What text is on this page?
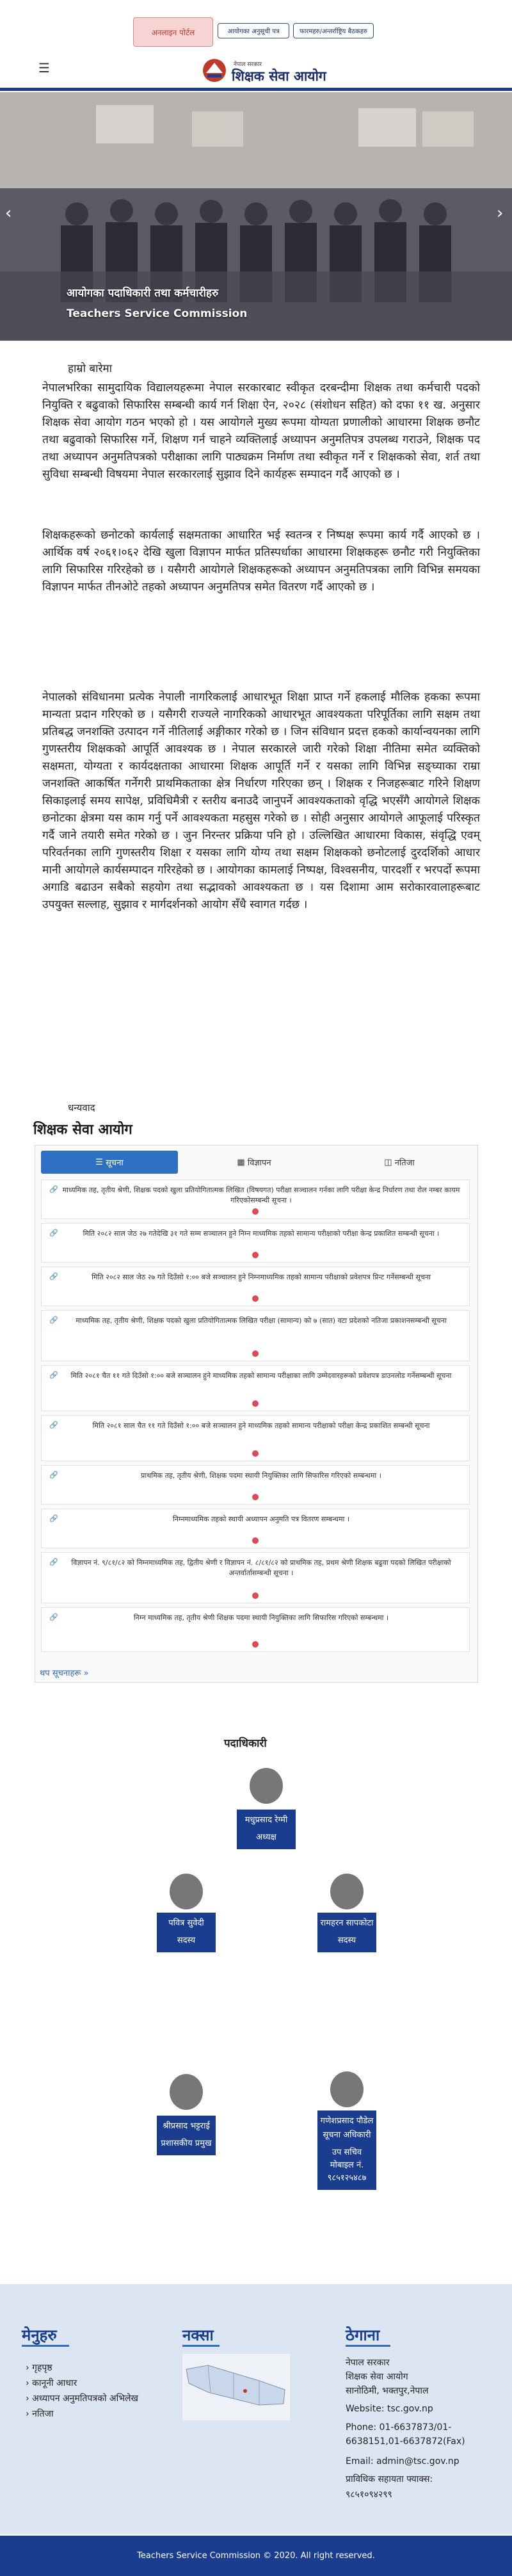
अनलाइन पोर्टल	आयोगका अनुसूची पत्र	फारमहरु/अन्तर्राष्ट्रिय बैठकहरु
☰	नेपाल सरकार
शिक्षक सेवा आयोग
‹	›
आयोगका पदाधिकारी तथा कर्मचारीहरु
Teachers Service Commission
हाम्रो बारेमा
नेपालभरिका सामुदायिक विद्यालयहरूमा नेपाल सरकारबाट स्वीकृत दरबन्दीमा शिक्षक तथा कर्मचारी पदको नियुक्ति र बढुवाको सिफारिस सम्बन्धी कार्य गर्न शिक्षा ऐन, २०२८ (संशोधन सहित) को दफा ११ ख. अनुसार शिक्षक सेवा आयोग गठन भएको हो । यस आयोगले मुख्य रूपमा योग्यता प्रणालीको आधारमा शिक्षक छनौट तथा बढुवाको सिफारिस गर्ने, शिक्षण गर्न चाहने व्यक्तिलाई अध्यापन अनुमतिपत्र उपलब्ध गराउने, शिक्षक पद तथा अध्यापन अनुमतिपत्रको परीक्षाका लागि पाठ्यक्रम निर्माण तथा स्वीकृत गर्ने र शिक्षकको सेवा, शर्त तथा सुविधा सम्बन्धी विषयमा नेपाल सरकारलाई सुझाव दिने कार्यहरू सम्पादन गर्दै आएको छ ।
शिक्षकहरूको छनोटको कार्यलाई सक्षमताका आधारित भई स्वतन्त्र र निष्पक्ष रूपमा कार्य गर्दै आएको छ । आर्थिक वर्ष २०६१।०६२ देखि खुला विज्ञापन मार्फत प्रतिस्पर्धाका आधारमा शिक्षकहरू छनौट गरी नियुक्तिका लागि सिफारिस गरिरहेको छ । यसैगरी आयोगले शिक्षकहरूको अध्यापन अनुमतिपत्रका लागि विभिन्न समयका विज्ञापन मार्फत तीनओटे तहको अध्यापन अनुमतिपत्र समेत वितरण गर्दै आएको छ ।
नेपालको संविधानमा प्रत्येक नेपाली नागरिकलाई आधारभूत शिक्षा प्राप्त गर्ने हकलाई मौलिक हकका रूपमा मान्यता प्रदान गरिएको छ । यसैगरी राज्यले नागरिकको आधारभूत आवश्यकता परिपूर्तिका लागि सक्षम तथा प्रतिबद्ध जनशक्ति उत्पादन गर्ने नीतिलाई अङ्गीकार गरेको छ । जिन संविधान प्रदत्त हकको कार्यान्वयनका लागि गुणस्तरीय शिक्षकको आपूर्ति आवश्यक छ । नेपाल सरकारले जारी गरेको शिक्षा नीतिमा समेत व्यक्तिको सक्षमता, योग्यता र कार्यदक्षताका आधारमा शिक्षक आपूर्ति गर्ने र यसका लागि विभिन्न सङ्घ्याका राम्रा जनशक्ति आकर्षित गर्नेगरी प्राथमिकताका क्षेत्र निर्धारण गरिएका छन् । शिक्षक र निजहरूबाट गरिने शिक्षण सिकाइलाई समय सापेक्ष, प्रविधिमैत्री र स्तरीय बनाउदै जानुपर्ने आवश्यकताको वृद्धि भएसँगै आयोगले शिक्षक छनोटका क्षेत्रमा यस काम गर्नु पर्ने आवश्यकता महसुस गरेको छ । सोही अनुसार आयोगले आफूलाई परिस्कृत गर्दै जाने तयारी समेत गरेको छ । जुन निरन्तर प्रक्रिया पनि हो । उल्लिखित आधारमा विकास, संवृद्धि एवम् परिवर्तनका लागि गुणस्तरीय शिक्षा र यसका लागि योग्य तथा सक्षम शिक्षकको छनोटलाई दुरदर्शिको आधार मानी आयोगले कार्यसम्पादन गरिरहेको छ । आयोगका कामलाई निष्पक्ष, विश्वसनीय, पारदर्शी र भरपर्दो रूपमा अगाडि बढाउन सबैको सहयोग तथा सद्भावको आवश्यकता छ । यस दिशामा आम सरोकारवालाहरूबाट उपयुक्त सल्लाह, सुझाव र मार्गदर्शनको आयोग सँधै स्वागत गर्दछ ।
धन्यवाद
शिक्षक सेवा आयोग
☰ सूचना	▦ विज्ञापन	◫ नतिजा
🔗 माध्यमिक तह, तृतीय श्रेणी, शिक्षक पदको खुला प्रतियोगितात्मक लिखित (विषयगत) परीक्षा सञ्चालन गर्नका लागि परीक्षा केन्द्र निर्धारण तथा रोल नम्बर कायम गरिएकोसम्बन्धी सूचना ।
🔗	मिति २०८२ साल जेठ २७ गतेदेखि ३१ गते सम्म सञ्चालन हुने निम्न माध्यमिक तहको सामान्य परीक्षाको परीक्षा केन्द्र प्रकाशित सम्बन्धी सूचना ।
🔗	मिति २०८२ साल जेठ २७ गते दिउँसो १:०० बजे सञ्चालन हुने निम्नमाध्यमिक तहको सामान्य परीक्षाको प्रवेशपत्र प्रिन्ट गर्नेसम्बन्धी सूचना
🔗	माध्यमिक तह, तृतीय श्रेणी, शिक्षक पदको खुला प्रतियोगितात्मक लिखित परीक्षा (सामान्य) को ७ (सात) वटा प्रदेशको नतिजा प्रकाशनसम्बन्धी सूचना
🔗	मिति २०८१ चैत ११ गते दिउँसो १:०० बजे सञ्चालन हुने माध्यमिक तहको सामान्य परीक्षाका लागि उम्मेदवारहरूको प्रवेशपत्र डाउनलोड गर्नेसम्बन्धी सूचना
🔗	मिति २०८१ साल चैत ११ गते दिउँसो १:०० बजे सञ्चालन हुने माध्यमिक तहको सामान्य परीक्षाको परीक्षा केन्द्र प्रकाशित सम्बन्धी सूचना
🔗	प्राथमिक तह, तृतीय श्रेणी, शिक्षक पदमा स्थायी नियुक्तिका लागि सिफारिस गरिएको सम्बन्धमा ।
🔗	निम्नमाध्यमिक तहको स्थायी अध्यापन अनुमति पत्र वितरण सम्बन्धमा ।
🔗	विज्ञापन नं. ९/८१/८२ को निम्नमाध्यमिक तह, द्वितीय श्रेणी र विज्ञापन नं. ८/८१/८२ को प्राथमिक तह, प्रथम श्रेणी शिक्षक बढुवा पदको लिखित परीक्षाको अन्तर्वार्तासम्बन्धी सूचना ।
🔗	निम्न माध्यमिक तह, तृतीय श्रेणी शिक्षक पदमा स्थायी नियुक्तिका लागि सिफारिस गरिएको सम्बन्धमा ।
थप सूचनाहरू »
पदाधिकारी
मधुप्रसाद रेग्मी
अध्यक्ष
पवित्र सुवेदी
सदस्य
रामहरन सापकोटा
सदस्य
श्रीप्रसाद भट्टराई
प्रशासकीय प्रमुख
गणेशप्रसाद पौडेल सूचना अधिकारी
उप सचिव मोबाइल नं. ९८५१२५४८७
मेनुहरु
› गृहपृष्ठ
› कानूनी आधार
› अध्यापन अनुमतिपत्रको अभिलेख
› नतिजा
नक्सा	ठेगाना
नेपाल सरकार
शिक्षक सेवा आयोग
सानोठिमी, भक्तपुर,नेपाल
Website: tsc.gov.np
Phone: 01-6637873/01-6638151,01-6637872(Fax)
Email: admin@tsc.gov.np
प्राविधिक सहायता फ्याक्स:
९८५१०९४२९९
Teachers Service Commission © 2020. All right reserved.
